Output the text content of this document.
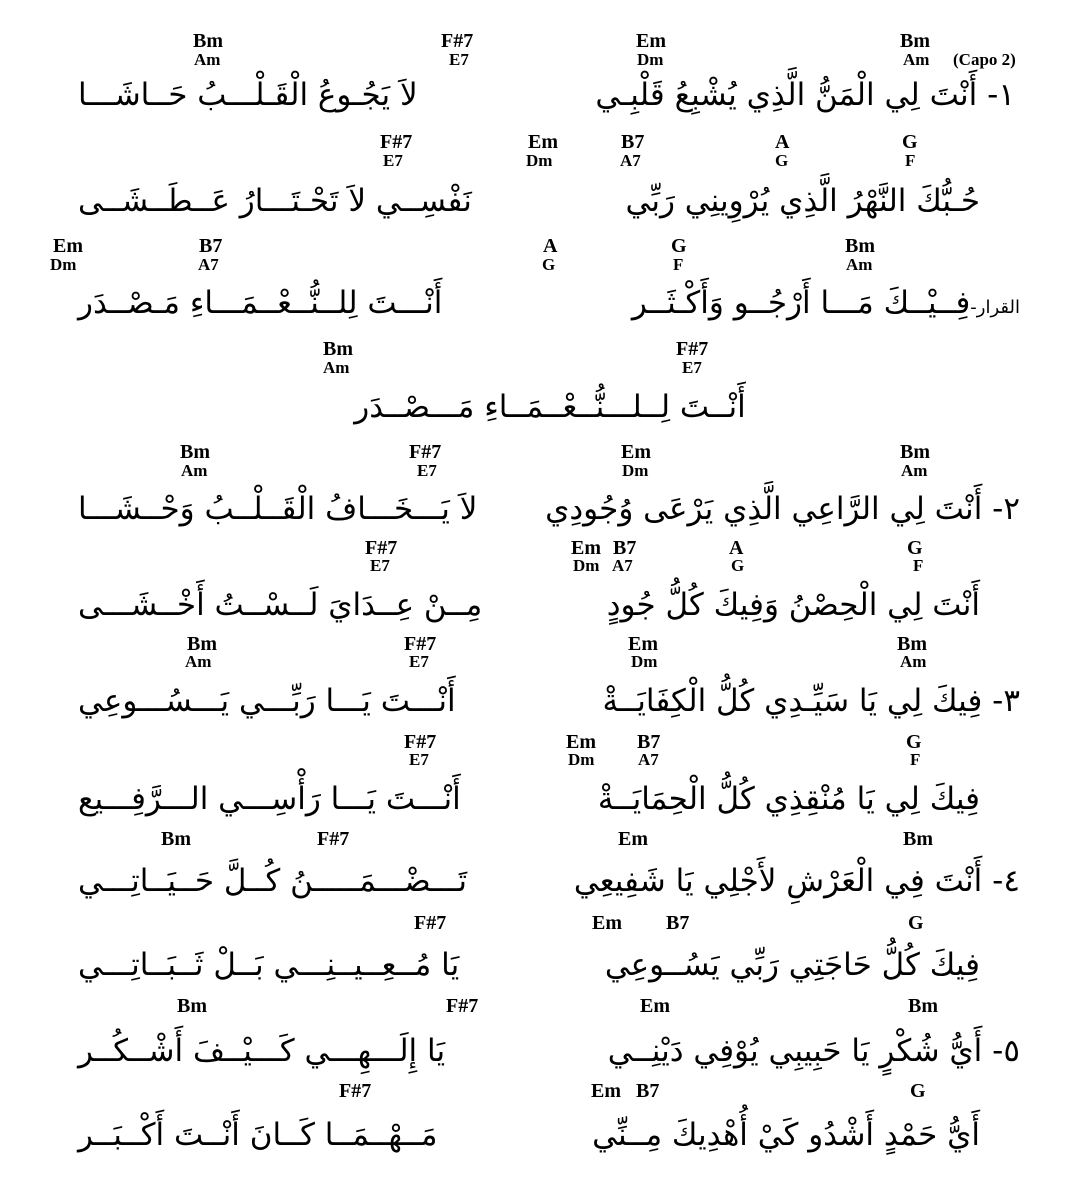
Bm
Am
F#7
E7
Em
Dm
Bm
Am (Capo 2)
١- أَنْتَ لِي الْمَنُّ الَّذِي يُشْبِعُ قَلْبِـي
لاَ يَجُـوعُ الْقَـلْـــبُ حَــاشَـــا
F#7
E7
Em
Dm
B7
A7
A
G
G
F
حُـبُّكَ النَّهْرُ الَّذِي يُرْوِينِي رَبِّي
نَفْسِــي لاَ تَحْـتَـــارُ عَــطَــشَــى
Em
Dm
B7
A7
A
G
G
F
Bm
Am
القرار-فِــيْــكَ مَـــا أَرْجُــو وَأَكْـثَــر
أَنْـــتَ لِلــنُّــعْــمَـــاءِ مَـصْــدَر
Bm
Am
F#7
E7
أَنْــتَ لِــلـــنُّــعْــمَــاءِ مَـــصْــدَر
Bm
Am
F#7
E7
Em
Dm
Bm
Am
٢- أَنْتَ لِي الرَّاعِي الَّذِي يَرْعَى وُجُودِي
لاَ يَـــخَـــافُ الْقَــلْــبُ وَحْــشَـــا
F#7
E7
Em
Dm
B7
A7
A
G
G
F
أَنْتَ لِي الْحِصْنُ وَفِيكَ كُلُّ جُودٍ
مِــنْ عِــدَايَ لَــسْــتُ أَخْــشَـــى
Bm
Am
F#7
E7
Em
Dm
Bm
Am
٣- فِيكَ لِي يَا سَيِّـدِي كُلُّ الْكِفَايَــةْ
أَنْـــتَ يَـــا رَبِّـــي يَـــسُـــوعِي
F#7
E7
Em
Dm
B7
A7
G
F
فِيكَ لِي يَا مُنْقِذِي كُلُّ الْحِمَايَــةْ
أَنْـــتَ يَـــا رَأْسِـــي الـــرَّفِـــيع
Bm	F#7	Em	Bm
٤- أَنْتَ فِي الْعَرْشِ لأَجْلِي يَا شَفِيعِي
تَـــضْـــمَـــــنُ كُــلَّ حَــيَــاتِـــي
F#7	Em B7	G
فِيكَ كُلُّ حَاجَتِي رَبِّي يَسُــوعِي
يَا مُــعِــيــنِـــي بَــلْ ثَــبَــاتِـــي
Bm	F#7	Em	Bm
٥- أَيُّ شُكْرٍ يَا حَبِيبِي يُوْفِي دَيْنِــي
يَا إِلَـــهِـــي كَـــيْــفَ أَشْــكُــر
F#7	Em B7	G
أَيُّ حَمْدٍ أَشْدُو كَيْ أُهْدِيكَ مِــنِّي
مَــهْــمَــا كَــانَ أَنْــتَ أَكْــبَــر
